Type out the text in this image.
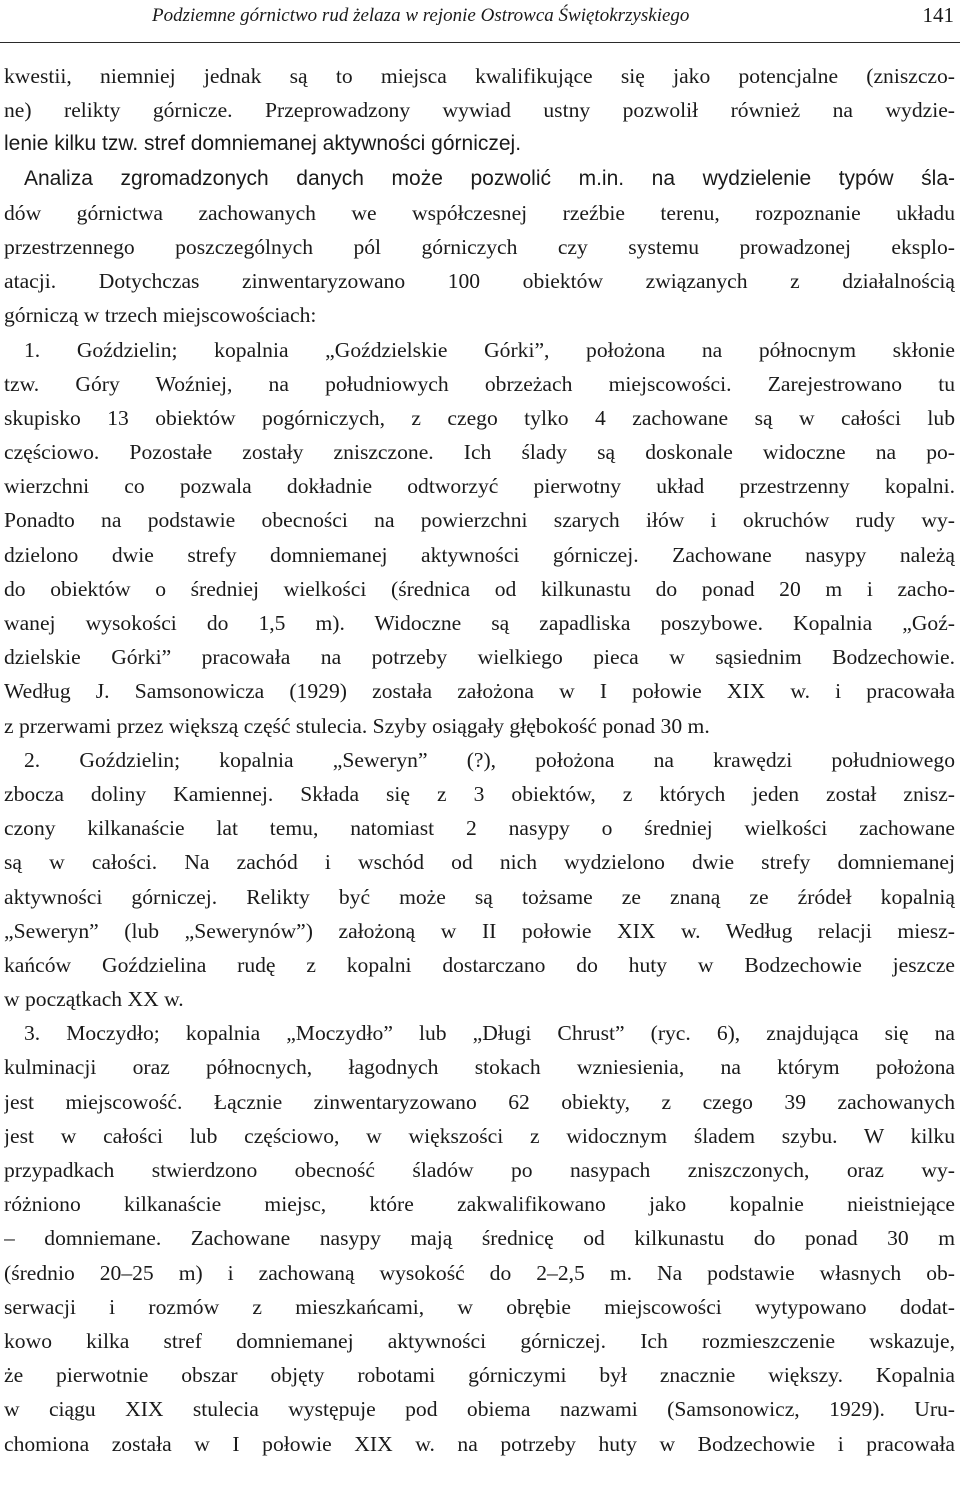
Podziemne górnictwo rud żelaza w rejonie Ostrowca Świętokrzyskiego	141
kwestii, niemniej jednak są to miejsca kwalifikujące się jako potencjalne (zniszczo-
ne) relikty górnicze. Przeprowadzony wywiad ustny pozwolił również na wydzie-
lenie kilku tzw. stref domniemanej aktywności górniczej.
Analiza zgromadzonych danych może pozwolić m.in. na wydzielenie typów śla-
dów górnictwa zachowanych we współczesnej rzeźbie terenu, rozpoznanie układu
przestrzennego poszczególnych pól górniczych czy systemu prowadzonej eksplo-
atacji. Dotychczas zinwentaryzowano 100 obiektów związanych z działalnością
górniczą w trzech miejscowościach:
1. Goździelin; kopalnia „Goździelskie Górki”, położona na północnym skłonie
tzw. Góry Woźniej, na południowych obrzeżach miejscowości. Zarejestrowano tu
skupisko 13 obiektów pogórniczych, z czego tylko 4 zachowane są w całości lub
częściowo. Pozostałe zostały zniszczone. Ich ślady są doskonale widoczne na po-
wierzchni co pozwala dokładnie odtworzyć pierwotny układ przestrzenny kopalni.
Ponadto na podstawie obecności na powierzchni szarych iłów i okruchów rudy wy-
dzielono dwie strefy domniemanej aktywności górniczej. Zachowane nasypy należą
do obiektów o średniej wielkości (średnica od kilkunastu do ponad 20 m i zacho-
wanej wysokości do 1,5 m). Widoczne są zapadliska poszybowe. Kopalnia „Goź-
dzielskie Górki” pracowała na potrzeby wielkiego pieca w sąsiednim Bodzechowie.
Według J. Samsonowicza (1929) została założona w I połowie XIX w. i pracowała
z przerwami przez większą część stulecia. Szyby osiągały głębokość ponad 30 m.
2. Goździelin; kopalnia „Seweryn” (?), położona na krawędzi południowego
zbocza doliny Kamiennej. Składa się z 3 obiektów, z których jeden został znisz-
czony kilkanaście lat temu, natomiast 2 nasypy o średniej wielkości zachowane
są w całości. Na zachód i wschód od nich wydzielono dwie strefy domniemanej
aktywności górniczej. Relikty być może są tożsame ze znaną ze źródeł kopalnią
„Seweryn” (lub „Sewerynów”) założoną w II połowie XIX w. Według relacji miesz-
kańców Goździelina rudę z kopalni dostarczano do huty w Bodzechowie jeszcze
w początkach XX w.
3. Moczydło; kopalnia „Moczydło” lub „Długi Chrust” (ryc. 6), znajdująca się na
kulminacji oraz północnych, łagodnych stokach wzniesienia, na którym położona
jest miejscowość. Łącznie zinwentaryzowano 62 obiekty, z czego 39 zachowanych
jest w całości lub częściowo, w większości z widocznym śladem szybu. W kilku
przypadkach stwierdzono obecność śladów po nasypach zniszczonych, oraz wy-
różniono kilkanaście miejsc, które zakwalifikowano jako kopalnie nieistniejące
– domniemane. Zachowane nasypy mają średnicę od kilkunastu do ponad 30 m
(średnio 20–25 m) i zachowaną wysokość do 2–2,5 m. Na podstawie własnych ob-
serwacji i rozmów z mieszkańcami, w obrębie miejscowości wytypowano dodat-
kowo kilka stref domniemanej aktywności górniczej. Ich rozmieszczenie wskazuje,
że pierwotnie obszar objęty robotami górniczymi był znacznie większy. Kopalnia
w ciągu XIX stulecia występuje pod obiema nazwami (Samsonowicz, 1929). Uru-
chomiona została w I połowie XIX w. na potrzeby huty w Bodzechowie i pracowała
